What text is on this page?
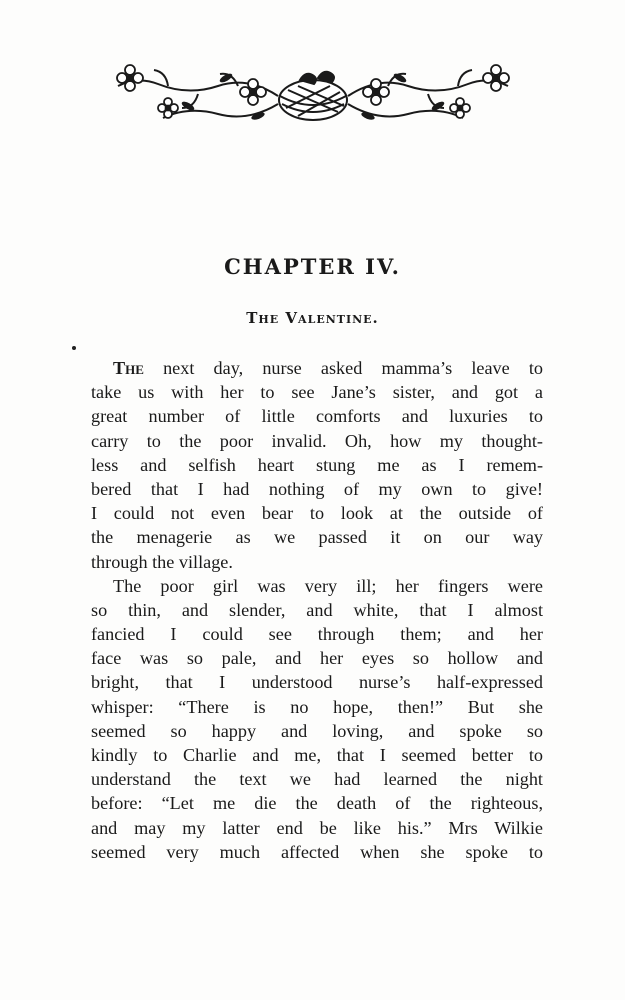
CHAPTER IV.
The Valentine.
The next day, nurse asked mamma’s leave to
take us with her to see Jane’s sister, and got a
great number of little comforts and luxuries to
carry to the poor invalid. Oh, how my thought-
less and selfish heart stung me as I remem-
bered that I had nothing of my own to give!
I could not even bear to look at the outside of
the menagerie as we passed it on our way
through the village.
The poor girl was very ill; her fingers were
so thin, and slender, and white, that I almost
fancied I could see through them; and her
face was so pale, and her eyes so hollow and
bright, that I understood nurse’s half-expressed
whisper: “There is no hope, then!” But she
seemed so happy and loving, and spoke so
kindly to Charlie and me, that I seemed better to
understand the text we had learned the night
before: “Let me die the death of the righteous,
and may my latter end be like his.” Mrs Wilkie
seemed very much affected when she spoke to
